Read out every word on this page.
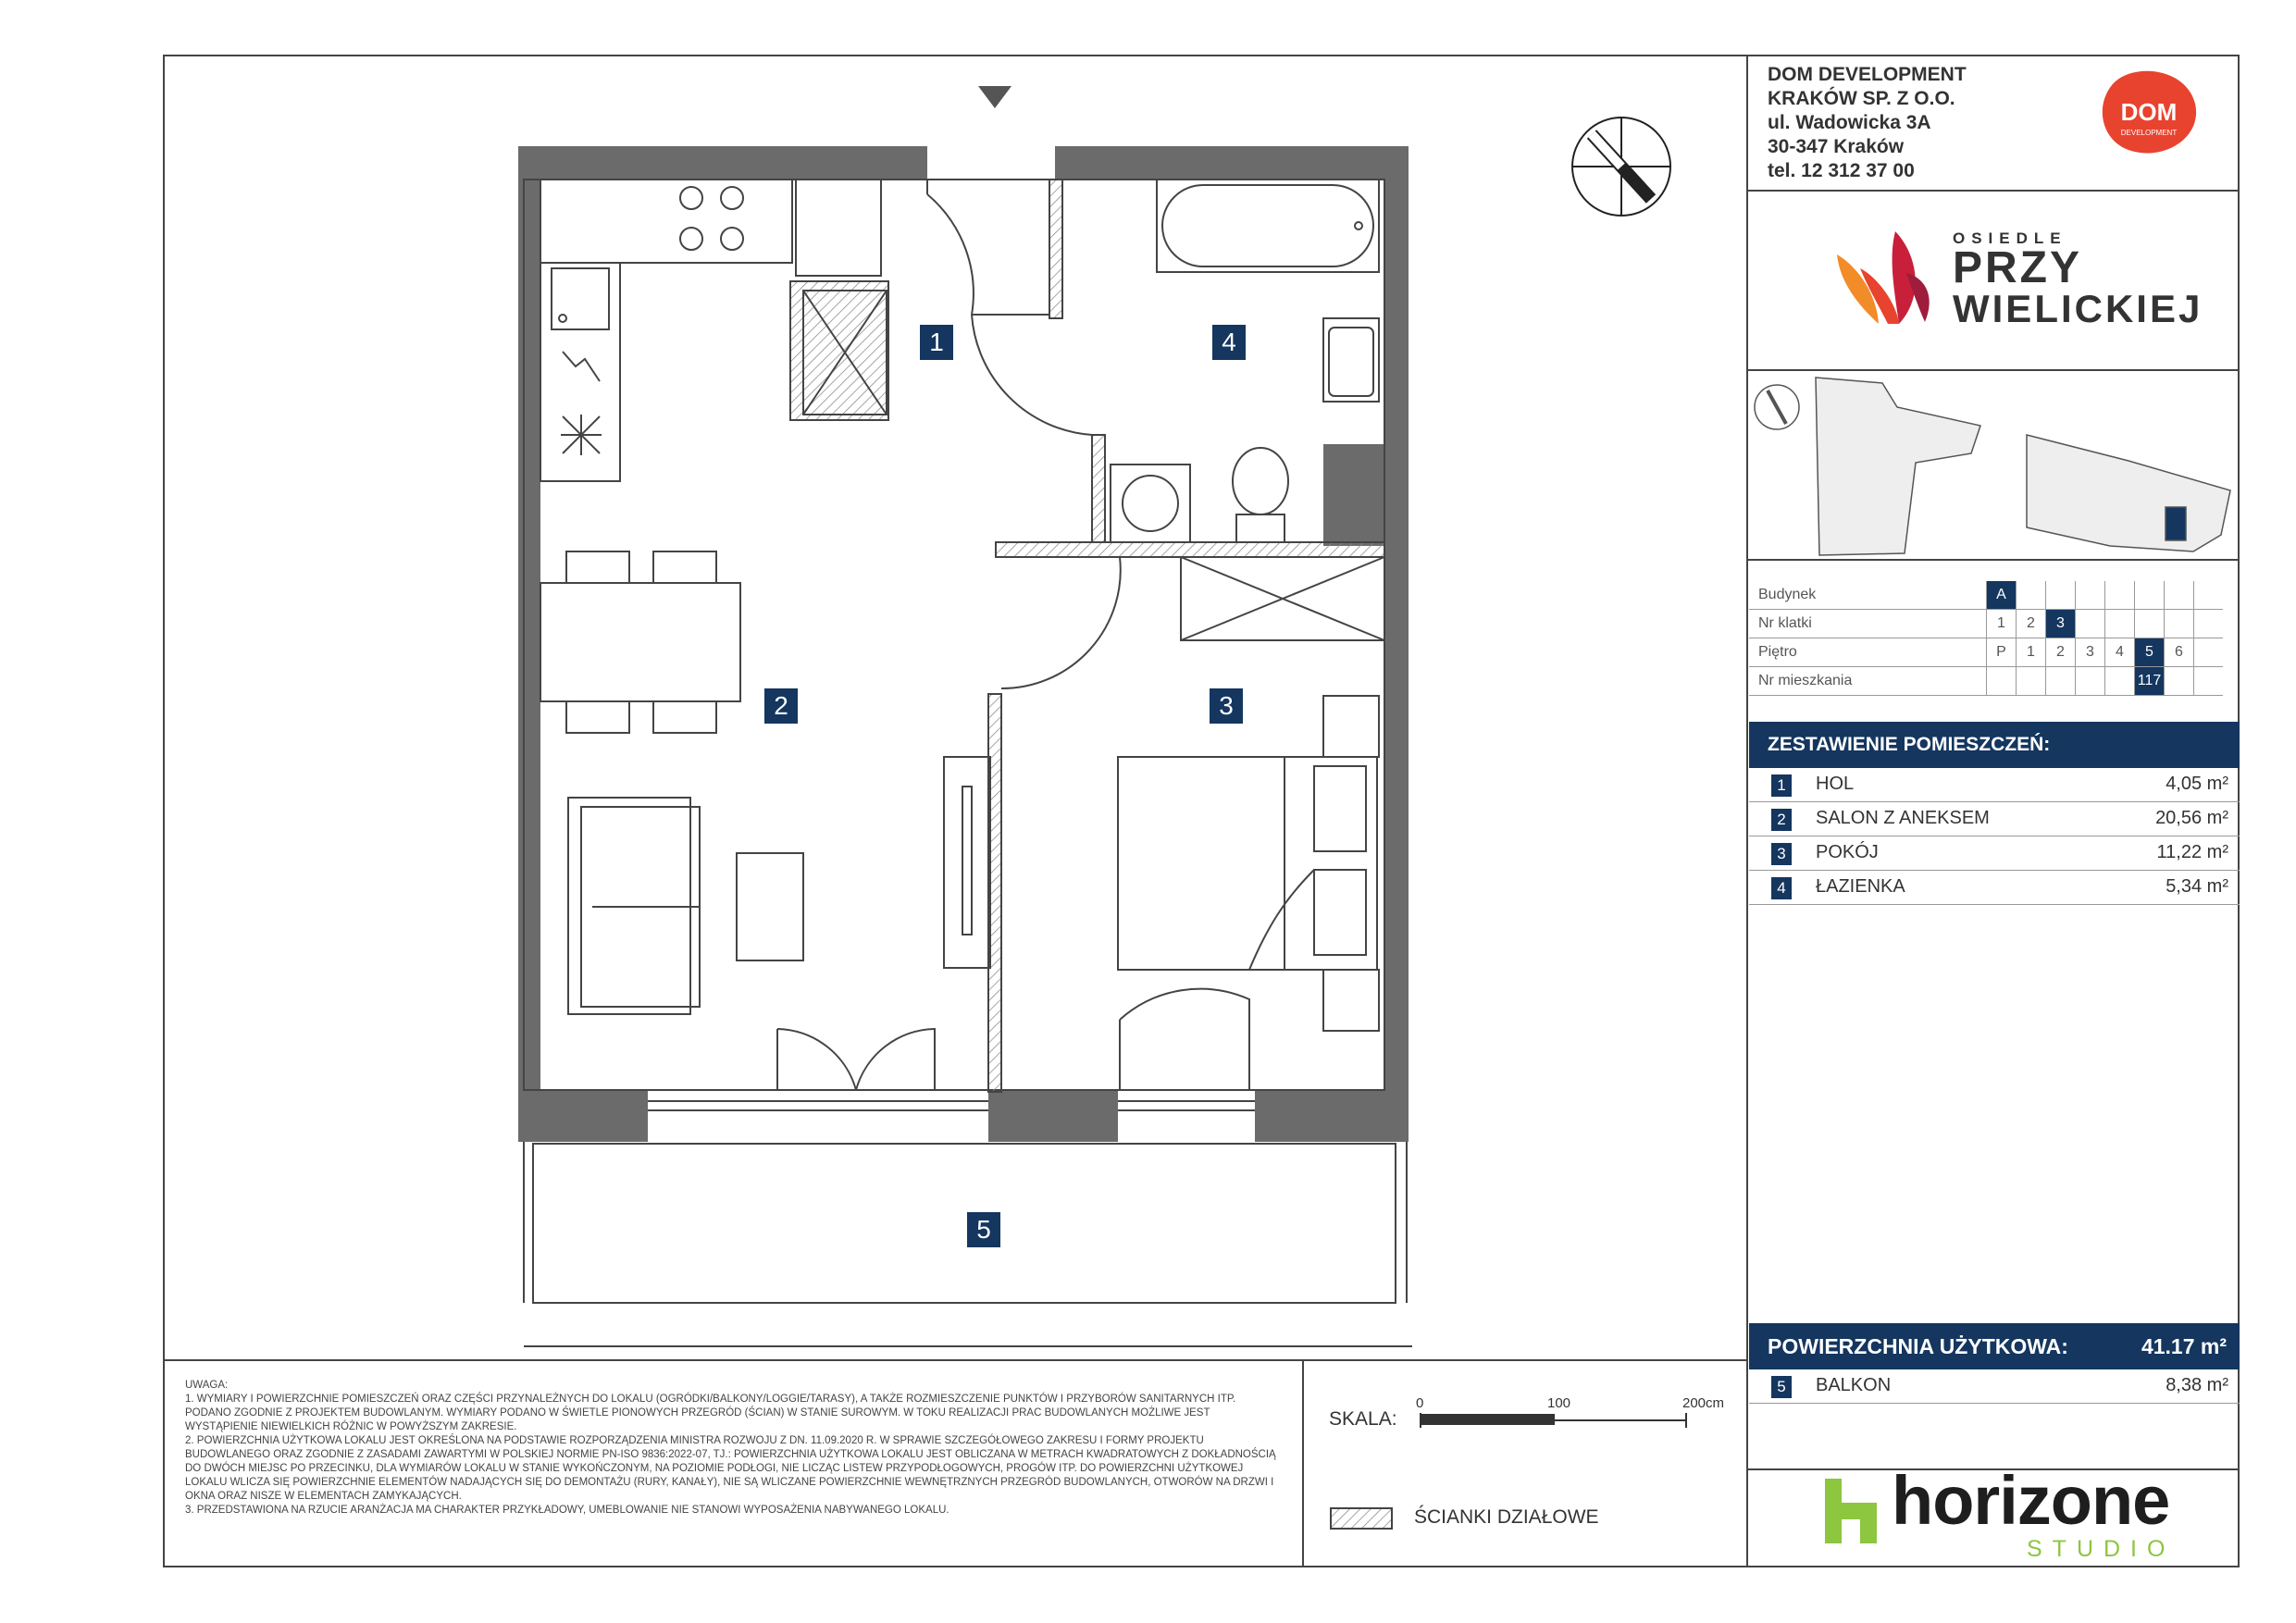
DOM DEVELOPMENT
KRAKÓW SP. Z O.O.
ul. Wadowicka 3A
30-347 Kraków
tel. 12 312 37 00
DOM
DEVELOPMENT
OSIEDLE
PRZY
WIELICKIEJ
Budynek	A							
Nr klatki	1	2	3					
Piętro	P	1	2	3	4	5	6	
Nr mieszkania						117		
ZESTAWIENIE POMIESZCZEŃ:
1	HOL	4,05 m²
2	SALON Z ANEKSEM	20,56 m²
3	POKÓJ	11,22 m²
4	ŁAZIENKA	5,34 m²
POWIERZCHNIA UŻYTKOWA:	41.17 m²
5	BALKON	8,38 m²
1
2	3
4
5

UWAGA:

1. WYMIARY I POWIERZCHNIE POMIESZCZEŃ ORAZ CZĘŚCI PRZYNALEŻNYCH DO LOKALU (OGRÓDKI/BALKONY/LOGGIE/TARASY), A TAKŻE ROZMIESZCZENIE PUNKTÓW I PRZYBORÓW SANITARNYCH ITP. PODANO ZGODNIE Z PROJEKTEM BUDOWLANYM. WYMIARY PODANO W ŚWIETLE PIONOWYCH PRZEGRÓD (ŚCIAN) W STANIE SUROWYM. W TOKU REALIZACJI PRAC BUDOWLANYCH MOŻLIWE JEST WYSTĄPIENIE NIEWIELKICH RÓŻNIC W POWYŻSZYM ZAKRESIE.

2. POWIERZCHNIA UŻYTKOWA LOKALU JEST OKREŚLONA NA PODSTAWIE ROZPORZĄDZENIA MINISTRA ROZWOJU Z DN. 11.09.2020 R. W SPRAWIE SZCZEGÓŁOWEGO ZAKRESU I FORMY PROJEKTU BUDOWLANEGO ORAZ ZGODNIE Z ZASADAMI ZAWARTYMI W POLSKIEJ NORMIE PN-ISO 9836:2022-07, TJ.: POWIERZCHNIA UŻYTKOWA LOKALU JEST OBLICZANA W METRACH KWADRATOWYCH Z DOKŁADNOŚCIĄ DO DWÓCH MIEJSC PO PRZECINKU, DLA WYMIARÓW LOKALU W STANIE WYKOŃCZONYM, NA POZIOMIE PODŁOGI, NIE LICZĄC LISTEW PRZYPODŁOGOWYCH, PROGÓW ITP. DO POWIERZCHNI UŻYTKOWEJ LOKALU WLICZA SIĘ POWIERZCHNIE ELEMENTÓW NADAJĄCYCH SIĘ DO DEMONTAŻU (RURY, KANAŁY), NIE SĄ WLICZANE POWIERZCHNIE WEWNĘTRZNYCH PRZEGRÓD BUDOWLANYCH, OTWORÓW NA DRZWI I OKNA ORAZ NISZE W ELEMENTACH ZAMYKAJĄCYCH.

3. PRZEDSTAWIONA NA RZUCIE ARANŻACJA MA CHARAKTER PRZYKŁADOWY, UMEBLOWANIE NIE STANOWI WYPOSAŻENIA NABYWANEGO LOKALU.

SKALA:
0	100	200cm
ŚCIANKI DZIAŁOWE	horizone
STUDIO
